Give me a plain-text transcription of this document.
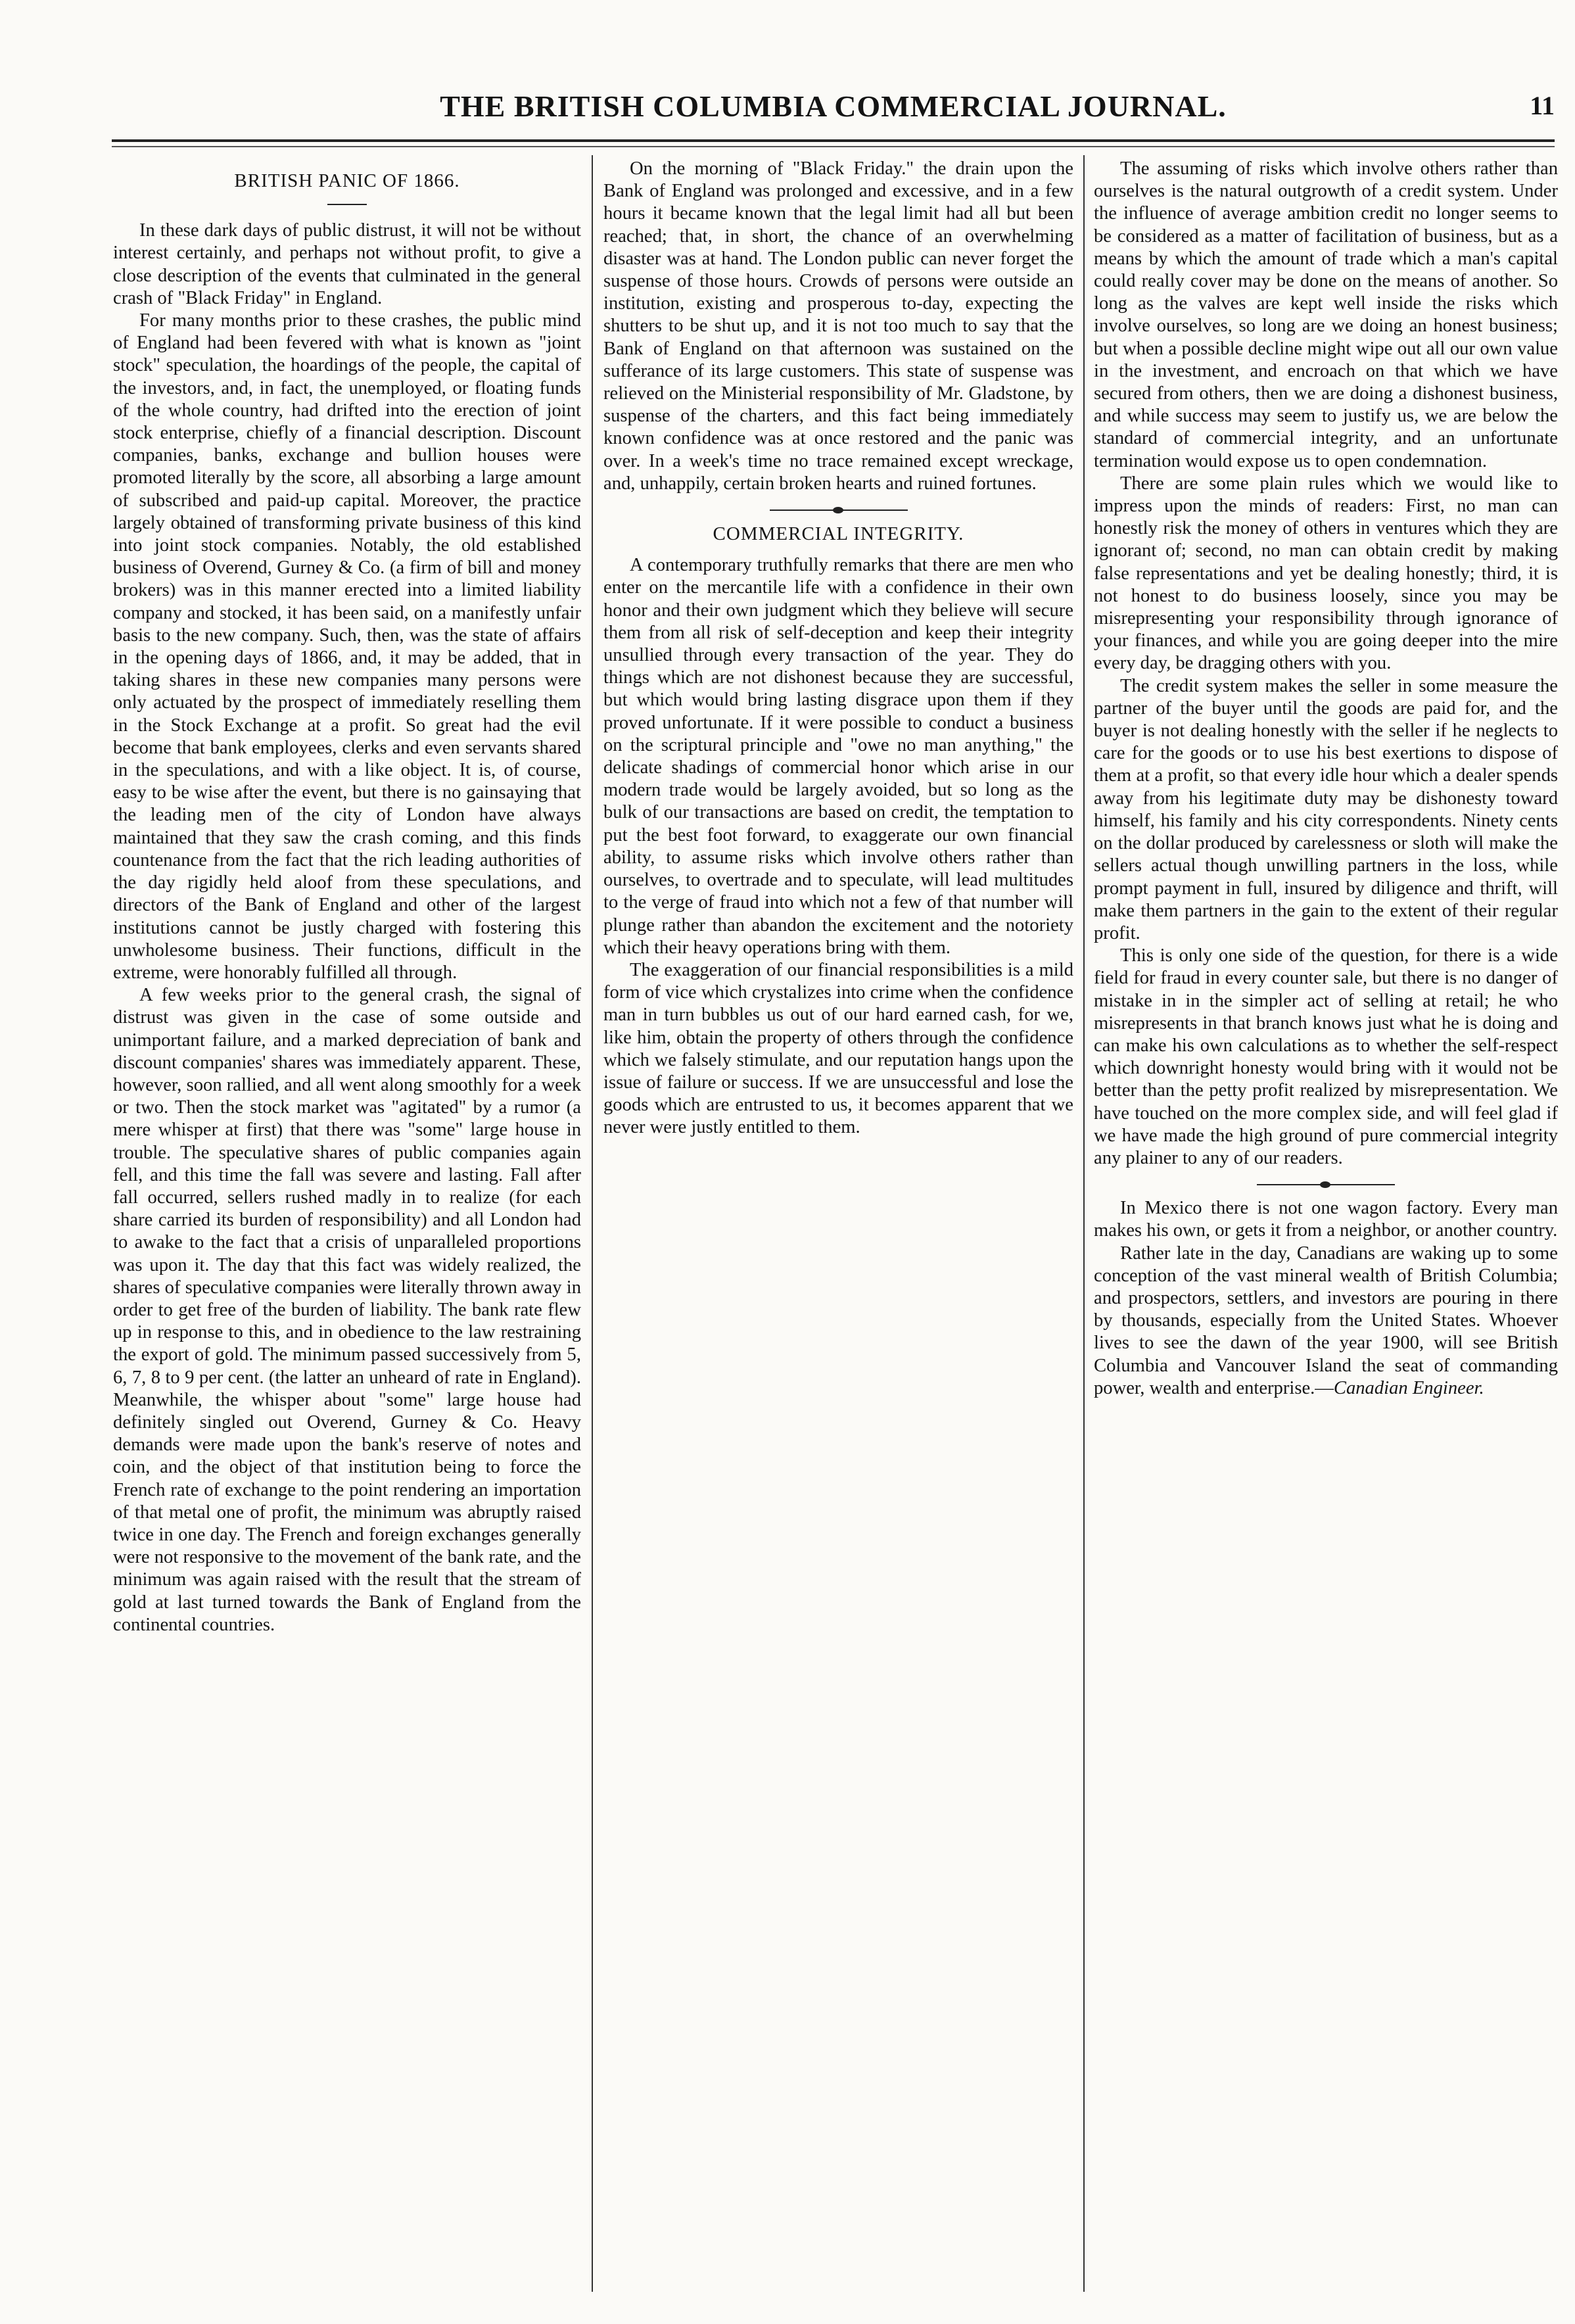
THE BRITISH COLUMBIA COMMERCIAL JOURNAL.	11
BRITISH PANIC OF 1866.

In these dark days of public distrust, it will not be without interest certainly, and perhaps not without profit, to give a close description of the events that culminated in the general crash of "Black Friday" in England.

For many months prior to these crashes, the public mind of England had been fevered with what is known as "joint stock" speculation, the hoardings of the people, the capital of the investors, and, in fact, the unemployed, or floating funds of the whole country, had drifted into the erection of joint stock enterprise, chiefly of a financial description. Discount companies, banks, exchange and bullion houses were promoted literally by the score, all absorbing a large amount of subscribed and paid-up capital. Moreover, the practice largely obtained of transforming private business of this kind into joint stock companies. Notably, the old established business of Overend, Gurney & Co. (a firm of bill and money brokers) was in this manner erected into a limited liability company and stocked, it has been said, on a manifestly unfair basis to the new company. Such, then, was the state of affairs in the opening days of 1866, and, it may be added, that in taking shares in these new companies many persons were only actuated by the prospect of immediately reselling them in the Stock Exchange at a profit. So great had the evil become that bank employees, clerks and even servants shared in the speculations, and with a like object. It is, of course, easy to be wise after the event, but there is no gainsaying that the leading men of the city of London have always maintained that they saw the crash coming, and this finds countenance from the fact that the rich leading authorities of the day rigidly held aloof from these speculations, and directors of the Bank of England and other of the largest institutions cannot be justly charged with fostering this unwholesome business. Their functions, difficult in the extreme, were honorably fulfilled all through.

A few weeks prior to the general crash, the signal of distrust was given in the case of some outside and unimportant failure, and a marked depreciation of bank and discount companies' shares was immediately apparent. These, however, soon rallied, and all went along smoothly for a week or two. Then the stock market was "agitated" by a rumor (a mere whisper at first) that there was "some" large house in trouble. The speculative shares of public companies again fell, and this time the fall was severe and lasting. Fall after fall occurred, sellers rushed madly in to realize (for each share carried its burden of responsibility) and all London had to awake to the fact that a crisis of unparalleled proportions was upon it. The day that this fact was widely realized, the shares of speculative companies were literally thrown away in order to get free of the burden of liability. The bank rate flew up in response to this, and in obedience to the law restraining the export of gold. The minimum passed successively from 5, 6, 7, 8 to 9 per cent. (the latter an unheard of rate in England). Meanwhile, the whisper about "some" large house had definitely singled out Overend, Gurney & Co. Heavy demands were made upon the bank's reserve of notes and coin, and the object of that institution being to force the French rate of exchange to the point rendering an importation of that metal one of profit, the minimum was abruptly raised twice in one day. The French and foreign exchanges generally were not responsive to the movement of the bank rate, and the minimum was again raised with the result that the stream of gold at last turned towards the Bank of England from the continental countries.

On the morning of "Black Friday." the drain upon the Bank of England was prolonged and excessive, and in a few hours it became known that the legal limit had all but been reached; that, in short, the chance of an overwhelming disaster was at hand. The London public can never forget the suspense of those hours. Crowds of persons were outside an institution, existing and prosperous to-day, expecting the shutters to be shut up, and it is not too much to say that the Bank of England on that afternoon was sustained on the sufferance of its large customers. This state of suspense was relieved on the Ministerial responsibility of Mr. Gladstone, by suspense of the charters, and this fact being immediately known confidence was at once restored and the panic was over. In a week's time no trace remained except wreckage, and, unhappily, certain broken hearts and ruined fortunes.

COMMERCIAL INTEGRITY.

A contemporary truthfully remarks that there are men who enter on the mercantile life with a confidence in their own honor and their own judgment which they believe will secure them from all risk of self-deception and keep their integrity unsullied through every transaction of the year. They do things which are not dishonest because they are successful, but which would bring lasting disgrace upon them if they proved unfortunate. If it were possible to conduct a business on the scriptural principle and "owe no man anything," the delicate shadings of commercial honor which arise in our modern trade would be largely avoided, but so long as the bulk of our transactions are based on credit, the temptation to put the best foot forward, to exaggerate our own financial ability, to assume risks which involve others rather than ourselves, to overtrade and to speculate, will lead multitudes to the verge of fraud into which not a few of that number will plunge rather than abandon the excitement and the notoriety which their heavy operations bring with them.

The exaggeration of our financial responsibilities is a mild form of vice which crystalizes into crime when the confidence man in turn bubbles us out of our hard earned cash, for we, like him, obtain the property of others through the confidence which we falsely stimulate, and our reputation hangs upon the issue of failure or success. If we are unsuccessful and lose the goods which are entrusted to us, it becomes apparent that we never were justly entitled to them.

The assuming of risks which involve others rather than ourselves is the natural outgrowth of a credit system. Under the influence of average ambition credit no longer seems to be considered as a matter of facilitation of business, but as a means by which the amount of trade which a man's capital could really cover may be done on the means of another. So long as the valves are kept well inside the risks which involve ourselves, so long are we doing an honest business; but when a possible decline might wipe out all our own value in the investment, and encroach on that which we have secured from others, then we are doing a dishonest business, and while success may seem to justify us, we are below the standard of commercial integrity, and an unfortunate termination would expose us to open condemnation.

There are some plain rules which we would like to impress upon the minds of readers: First, no man can honestly risk the money of others in ventures which they are ignorant of; second, no man can obtain credit by making false representations and yet be dealing honestly; third, it is not honest to do business loosely, since you may be misrepresenting your responsibility through ignorance of your finances, and while you are going deeper into the mire every day, be dragging others with you.

The credit system makes the seller in some measure the partner of the buyer until the goods are paid for, and the buyer is not dealing honestly with the seller if he neglects to care for the goods or to use his best exertions to dispose of them at a profit, so that every idle hour which a dealer spends away from his legitimate duty may be dishonesty toward himself, his family and his city correspondents. Ninety cents on the dollar produced by carelessness or sloth will make the sellers actual though unwilling partners in the loss, while prompt payment in full, insured by diligence and thrift, will make them partners in the gain to the extent of their regular profit.

This is only one side of the question, for there is a wide field for fraud in every counter sale, but there is no danger of mistake in in the simpler act of selling at retail; he who misrepresents in that branch knows just what he is doing and can make his own calculations as to whether the self-respect which downright honesty would bring with it would not be better than the petty profit realized by misrepresentation. We have touched on the more complex side, and will feel glad if we have made the high ground of pure commercial integrity any plainer to any of our readers.

In Mexico there is not one wagon factory. Every man makes his own, or gets it from a neighbor, or another country.

Rather late in the day, Canadians are waking up to some conception of the vast mineral wealth of British Columbia; and prospectors, settlers, and investors are pouring in there by thousands, especially from the United States. Whoever lives to see the dawn of the year 1900, will see British Columbia and Vancouver Island the seat of commanding power, wealth and enterprise.—Canadian Engineer.
